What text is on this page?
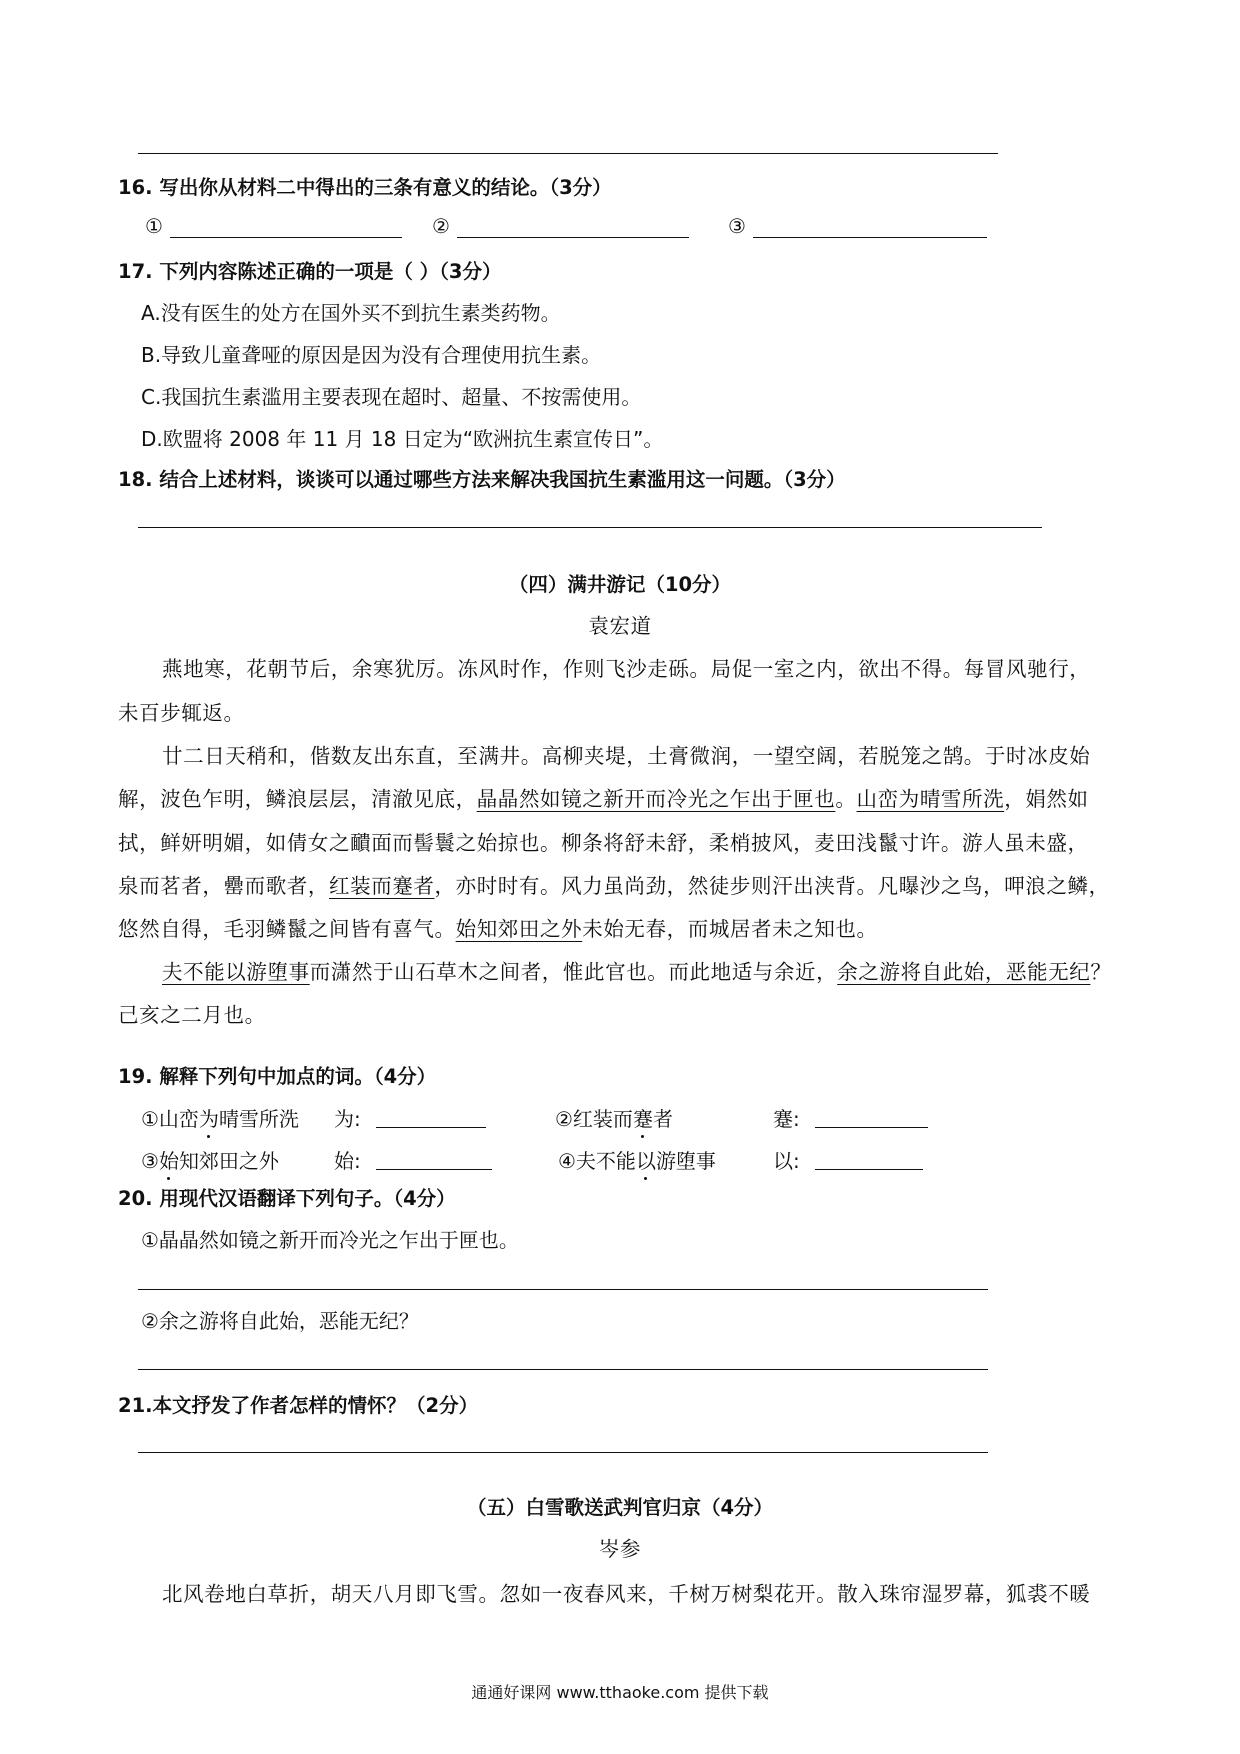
16. 写出你从材料二中得出的三条有意义的结论。（3分）
①	②	③
17. 下列内容陈述正确的一项是（ ）（3分）
A.没有医生的处方在国外买不到抗生素类药物。
B.导致儿童聋哑的原因是因为没有合理使用抗生素。
C.我国抗生素滥用主要表现在超时、超量、不按需使用。
D.欧盟将 2008 年 11 月 18 日定为“欧洲抗生素宣传日”。
18. 结合上述材料，谈谈可以通过哪些方法来解决我国抗生素滥用这一问题。（3分）
（四）满井游记（10分）
袁宏道
燕地寒，花朝节后，余寒犹厉。冻风时作，作则飞沙走砾。局促一室之内，欲出不得。每冒风驰行，
未百步辄返。
廿二日天稍和，偕数友出东直，至满井。高柳夹堤，土膏微润，一望空阔，若脱笼之鹄。于时冰皮始
解，波色乍明，鳞浪层层，清澈见底，晶晶然如镜之新开而冷光之乍出于匣也。山峦为晴雪所洗，娟然如
拭，鲜妍明媚，如倩女之靧面而髻鬟之始掠也。柳条将舒未舒，柔梢披风，麦田浅鬣寸许。游人虽未盛，
泉而茗者，罍而歌者，红装而蹇者，亦时时有。风力虽尚劲，然徒步则汗出浃背。凡曝沙之鸟，呷浪之鳞，
悠然自得，毛羽鳞鬣之间皆有喜气。始知郊田之外未始无春，而城居者未之知也。
夫不能以游堕事而潇然于山石草木之间者，惟此官也。而此地适与余近，余之游将自此始，恶能无纪？
己亥之二月也。
19. 解释下列句中加点的词。（4分）
①山峦为晴雪所洗 为:	②红装而蹇者	蹇:
③始知郊田之外	始:	④夫不能以游堕事	以:
20. 用现代汉语翻译下列句子。（4分）
①晶晶然如镜之新开而冷光之乍出于匣也。
②余之游将自此始，恶能无纪？
21.本文抒发了作者怎样的情怀？（2分）
（五）白雪歌送武判官归京（4分）
岑参
北风卷地白草折，胡天八月即飞雪。忽如一夜春风来，千树万树梨花开。散入珠帘湿罗幕，狐裘不暖
通通好课网 www.tthaoke.com 提供下载
